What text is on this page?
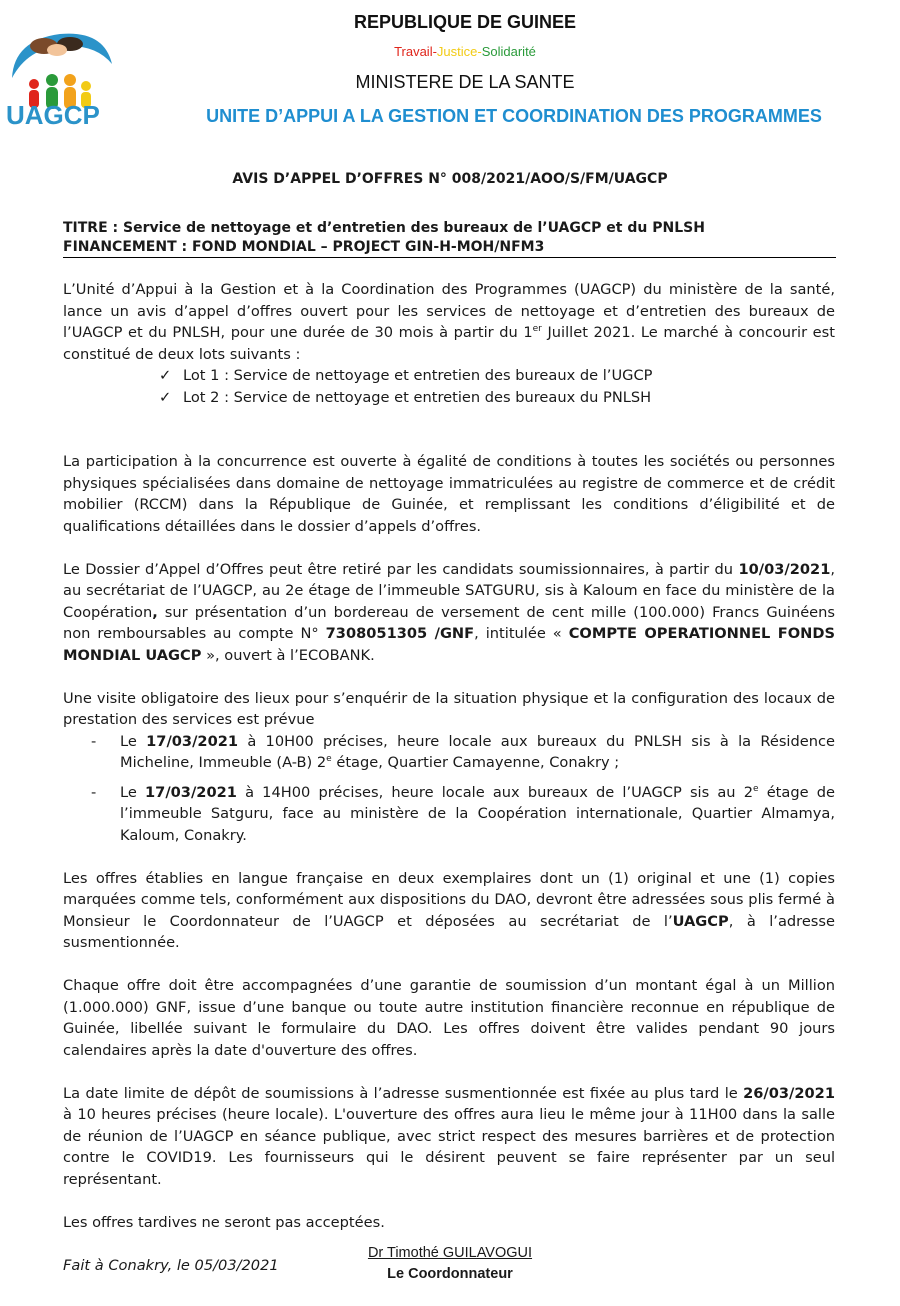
UAGCP
REPUBLIQUE DE GUINEE
Travail-Justice-Solidarité
MINISTERE DE LA SANTE
UNITE D’APPUI A LA GESTION ET COORDINATION DES PROGRAMMES
AVIS D’APPEL D’OFFRES N° 008/2021/AOO/S/FM/UAGCP
TITRE : Service de nettoyage et d’entretien des bureaux de l’UAGCP et du PNLSH
FINANCEMENT : FOND MONDIAL – PROJECT GIN-H-MOH/NFM3

L’Unité d’Appui à la Gestion et à la Coordination des Programmes (UAGCP) du ministère de la santé, lance un avis d’appel d’offres ouvert pour les services de nettoyage et d’entretien des bureaux de l’UAGCP et du PNLSH, pour une durée de 30 mois à partir du 1er Juillet 2021. Le marché à concourir est constitué de deux lots suivants :

✓ Lot 1 : Service de nettoyage et entretien des bureaux de l’UGCP
✓ Lot 2 : Service de nettoyage et entretien des bureaux du PNLSH

La participation à la concurrence est ouverte à égalité de conditions à toutes les sociétés ou personnes physiques spécialisées dans domaine de nettoyage immatriculées au registre de commerce et de crédit mobilier (RCCM) dans la République de Guinée, et remplissant les conditions d’éligibilité et de qualifications détaillées dans le dossier d’appels d’offres.

Le Dossier d’Appel d’Offres peut être retiré par les candidats soumissionnaires, à partir du 10/03/2021, au secrétariat de l’UAGCP, au 2e étage de l’immeuble SATGURU, sis à Kaloum en face du ministère de la Coopération, sur présentation d’un bordereau de versement de cent mille (100.000) Francs Guinéens non remboursables au compte N° 7308051305 /GNF, intitulée « COMPTE OPERATIONNEL FONDS MONDIAL UAGCP », ouvert à l’ECOBANK.

Une visite obligatoire des lieux pour s’enquérir de la situation physique et la configuration des locaux de prestation des services est prévue

- Le 17/03/2021 à 10H00 précises, heure locale aux bureaux du PNLSH sis à la Résidence Micheline, Immeuble (A-B) 2e étage, Quartier Camayenne, Conakry ;
- Le 17/03/2021 à 14H00 précises, heure locale aux bureaux de l’UAGCP sis au 2e étage de l’immeuble Satguru, face au ministère de la Coopération internationale, Quartier Almamya, Kaloum, Conakry.

Les offres établies en langue française en deux exemplaires dont un (1) original et une (1) copies marquées comme tels, conformément aux dispositions du DAO, devront être adressées sous plis fermé à Monsieur le Coordonnateur de l’UAGCP et déposées au secrétariat de l’UAGCP, à l’adresse susmentionnée.

Chaque offre doit être accompagnées d’une garantie de soumission d’un montant égal à un Million (1.000.000) GNF, issue d’une banque ou toute autre institution financière reconnue en république de Guinée, libellée suivant le formulaire du DAO. Les offres doivent être valides pendant 90 jours calendaires après la date d'ouverture des offres.

La date limite de dépôt de soumissions à l’adresse susmentionnée est fixée au plus tard le 26/03/2021 à 10 heures précises (heure locale). L'ouverture des offres aura lieu le même jour à 11H00 dans la salle de réunion de l’UAGCP en séance publique, avec strict respect des mesures barrières et de protection contre le COVID19. Les fournisseurs qui le désirent peuvent se faire représenter par un seul représentant.

Les offres tardives ne seront pas acceptées.

Fait à Conakry, le 05/03/2021

Dr Timothé GUILAVOGUI
Le Coordonnateur
